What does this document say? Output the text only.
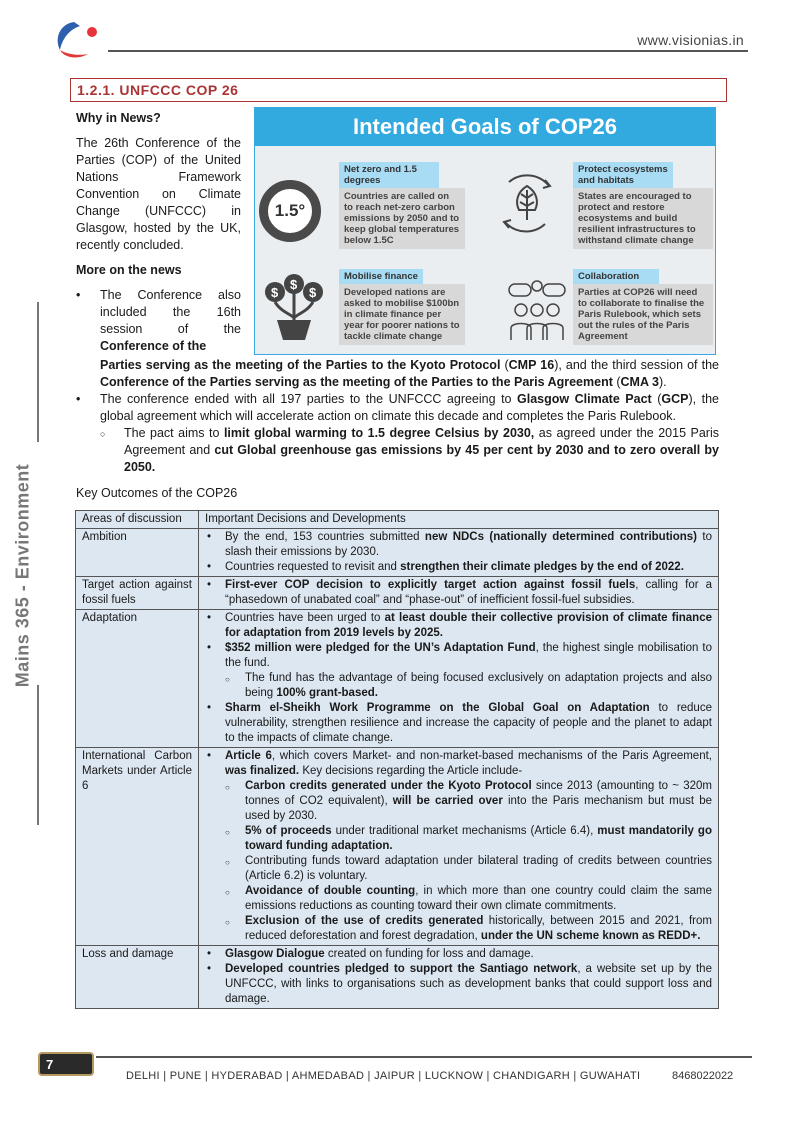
www.visionias.in
Mains 365 - Environment
1.2.1. UNFCCC COP 26
Why in News?

The 26th Conference of the Parties (COP) of the United Nations Framework Convention on Climate Change (UNFCCC) in Glasgow, hosted by the UK, recently concluded.

More on the news
• The Conference also included the 16th session of the Conference of the
Intended Goals of COP26
1.5°
Net zero and 1.5 degrees
Countries are called on to reach net-zero carbon emissions by 2050 and to keep global temperatures below 1.5C
Protect ecosystems and habitats
States are encouraged to protect and restore ecosystems and build resilient infrastructures to withstand climate change
$
$
$
Mobilise finance
Developed nations are asked to mobilise $100bn in climate finance per year for poorer nations to tackle climate change
Collaboration
Parties at COP26 will need to collaborate to finalise the Paris Rulebook, which sets out the rules of the Paris Agreement
Parties serving as the meeting of the Parties to the Kyoto Protocol (CMP 16), and the third session of the Conference of the Parties serving as the meeting of the Parties to the Paris Agreement (CMA 3).
• The conference ended with all 197 parties to the UNFCCC agreeing to Glasgow Climate Pact (GCP), the global agreement which will accelerate action on climate this decade and completes the Paris Rulebook.
○ The pact aims to limit global warming to 1.5 degree Celsius by 2030, as agreed under the 2015 Paris Agreement and cut Global greenhouse gas emissions by 45 per cent by 2030 and to zero overall by 2050.
Key Outcomes of the COP26
Areas of discussion	Important Decisions and Developments
Ambition	• By the end, 153 countries submitted new NDCs (nationally determined contributions) to slash their emissions by 2030.
• Countries requested to revisit and strengthen their climate pledges by the end of 2022.

Target action against fossil fuels	• First-ever COP decision to explicitly target action against fossil fuels, calling for a “phasedown of unabated coal” and “phase-out” of inefficient fossil-fuel subsidies.

Adaptation	• Countries have been urged to at least double their collective provision of climate finance for adaptation from 2019 levels by 2025.
• $352 million were pledged for the UN’s Adaptation Fund, the highest single mobilisation to the fund.
○ The fund has the advantage of being focused exclusively on adaptation projects and also being 100% grant-based.
• Sharm el-Sheikh Work Programme on the Global Goal on Adaptation to reduce vulnerability, strengthen resilience and increase the capacity of people and the planet to adapt to the impacts of climate change.

International Carbon Markets under Article 6	
• Article 6, which covers Market- and non-market-based mechanisms of the Paris Agreement, was finalized. Key decisions regarding the Article include-
○ Carbon credits generated under the Kyoto Protocol since 2013 (amounting to ~ 320m tonnes of CO2 equivalent), will be carried over into the Paris mechanism but must be used by 2030.
○ 5% of proceeds under traditional market mechanisms (Article 6.4), must mandatorily go toward funding adaptation.
○ Contributing funds toward adaptation under bilateral trading of credits between countries (Article 6.2) is voluntary.
○ Avoidance of double counting, in which more than one country could claim the same emissions reductions as counting toward their own climate commitments.
○ Exclusion of the use of credits generated historically, between 2015 and 2021, from reduced deforestation and forest degradation, under the UN scheme known as REDD+.

Loss and damage	• Glasgow Dialogue created on funding for loss and damage.
• Developed countries pledged to support the Santiago network, a website set up by the UNFCCC, with links to organisations such as development banks that could support loss and damage.
7
DELHI | PUNE | HYDERABAD | AHMEDABAD | JAIPUR | LUCKNOW | CHANDIGARH | GUWAHATI	8468022022
